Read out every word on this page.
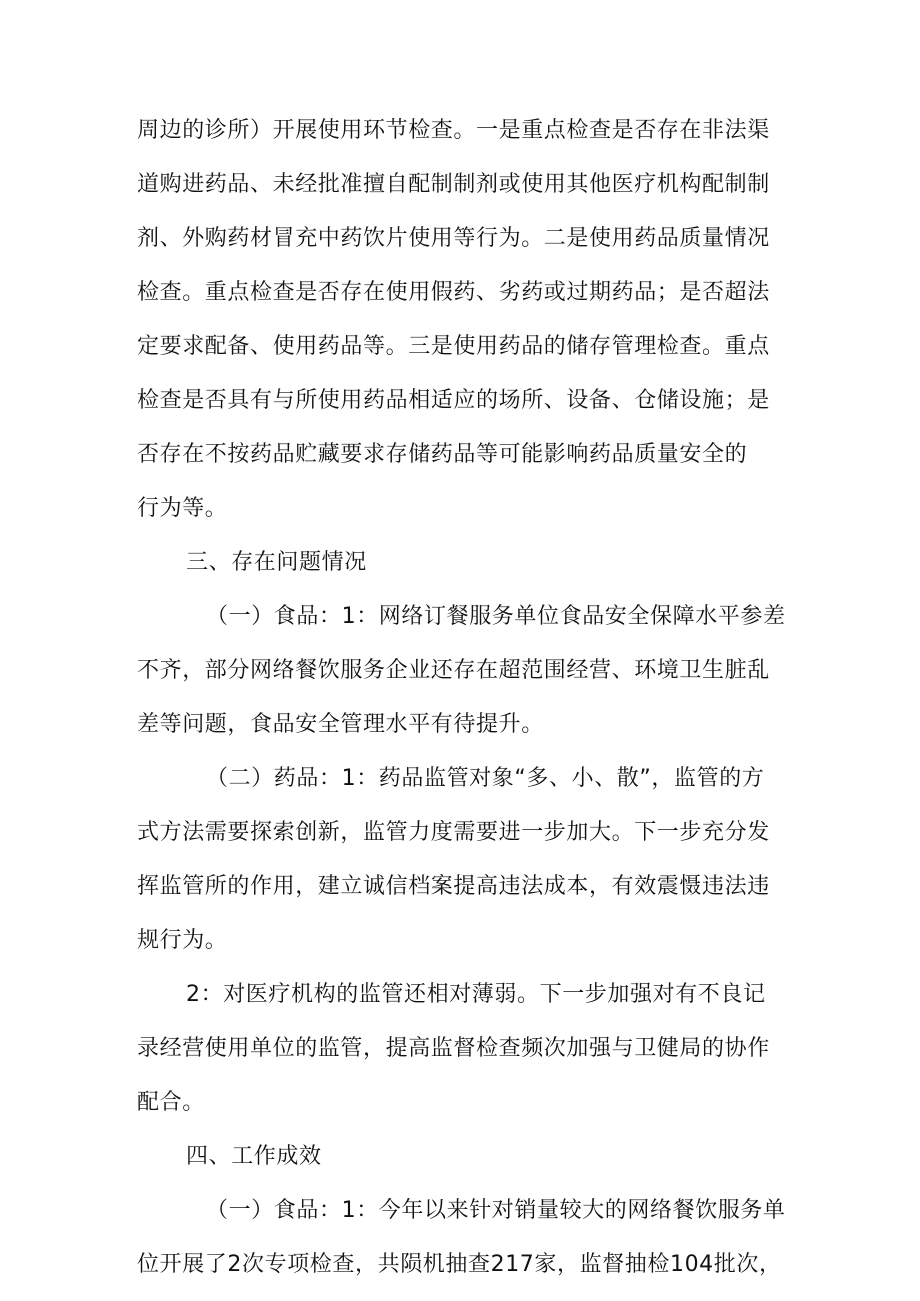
周边的诊所）开展使用环节检查。一是重点检查是否存在非法渠
道购进药品、未经批准擅自配制制剂或使用其他医疗机构配制制
剂、外购药材冒充中药饮片使用等行为。二是使用药品质量情况
检查。重点检查是否存在使用假药、劣药或过期药品；是否超法
定要求配备、使用药品等。三是使用药品的储存管理检查。重点
检查是否具有与所使用药品相适应的场所、设备、仓储设施；是
否存在不按药品贮藏要求存储药品等可能影响药品质量安全的
行为等。
三、存在问题情况
（一）食品：1：网络订餐服务单位食品安全保障水平参差
不齐，部分网络餐饮服务企业还存在超范围经营、环境卫生脏乱
差等问题，食品安全管理水平有待提升。
（二）药品：1：药品监管对象“多、小、散”，监管的方
式方法需要探索创新，监管力度需要进一步加大。下一步充分发
挥监管所的作用，建立诚信档案提高违法成本，有效震慑违法违
规行为。
2：对医疗机构的监管还相对薄弱。下一步加强对有不良记
录经营使用单位的监管，提高监督检查频次加强与卫健局的协作
配合。
四、工作成效
（一）食品：1：今年以来针对销量较大的网络餐饮服务单
位开展了2次专项检查，共陨机抽查217家，监督抽检104批次，
